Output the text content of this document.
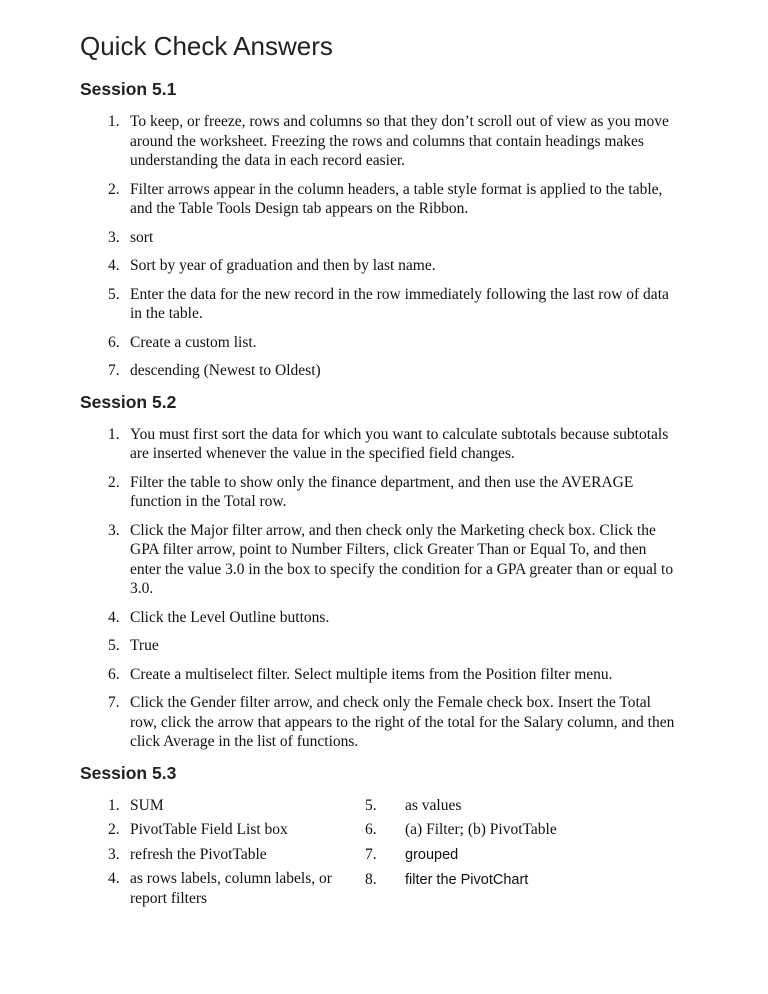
Quick Check Answers
Session 5.1
1. To keep, or freeze, rows and columns so that they don’t scroll out of view as you move around the worksheet. Freezing the rows and columns that contain headings makes understanding the data in each record easier.
2. Filter arrows appear in the column headers, a table style format is applied to the table, and the Table Tools Design tab appears on the Ribbon.
3. sort
4. Sort by year of graduation and then by last name.
5. Enter the data for the new record in the row immediately following the last row of data in the table.
6. Create a custom list.
7. descending (Newest to Oldest)
Session 5.2
1. You must first sort the data for which you want to calculate subtotals because subtotals are inserted whenever the value in the specified field changes.
2. Filter the table to show only the finance department, and then use the AVERAGE function in the Total row.
3. Click the Major filter arrow, and then check only the Marketing check box. Click the GPA filter arrow, point to Number Filters, click Greater Than or Equal To, and then enter the value 3.0 in the box to specify the condition for a GPA greater than or equal to 3.0.
4. Click the Level Outline buttons.
5. True
6. Create a multiselect filter. Select multiple items from the Position filter menu.
7. Click the Gender filter arrow, and check only the Female check box. Insert the Total row, click the arrow that appears to the right of the total for the Salary column, and then click Average in the list of functions.
Session 5.3
1. SUM
2. PivotTable Field List box
3. refresh the PivotTable
4. as rows labels, column labels, or report filters
5. as values
6. (a) Filter; (b) PivotTable
7. grouped
8. filter the PivotChart
